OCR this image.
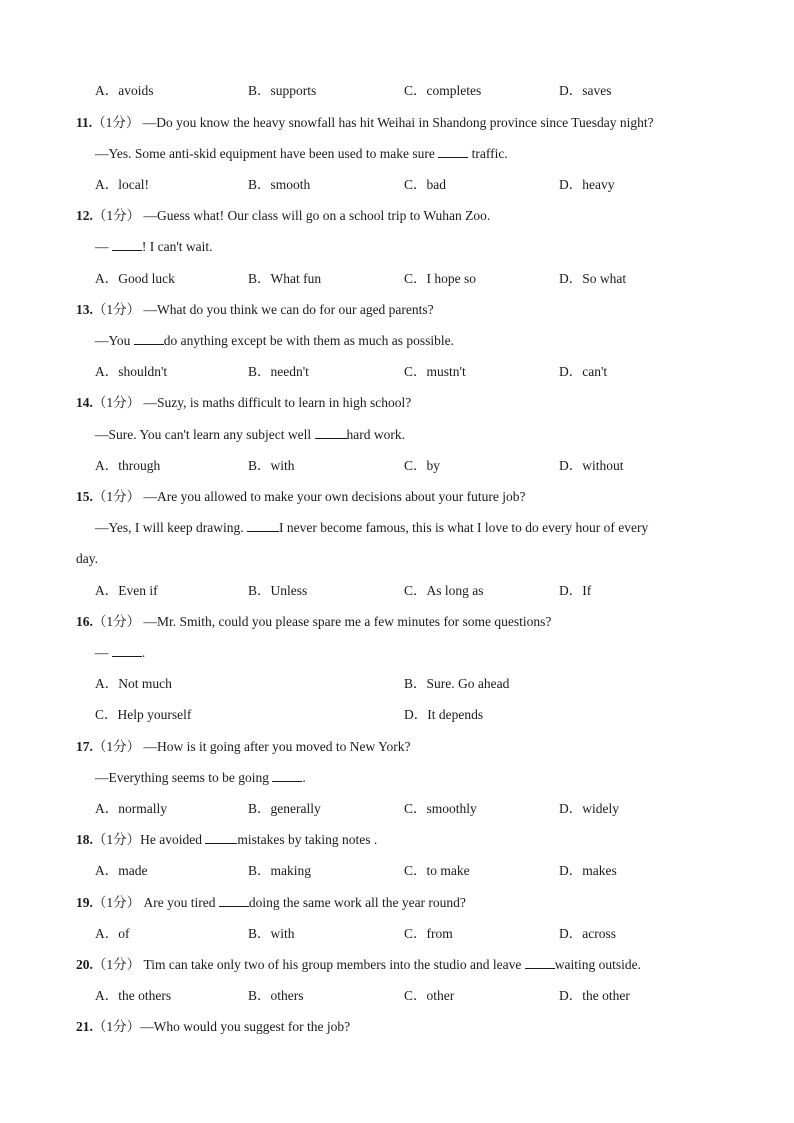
A．avoids	B．supports	C．completes	D．saves
11.（1分） —Do you know the heavy snowfall has hit Weihai in Shandong province since Tuesday night?
—Yes. Some anti-skid equipment have been used to make sure  traffic.
A．local!	B．smooth	C．bad	D．heavy
12.（1分） —Guess what! Our class will go on a school trip to Wuhan Zoo.
— ! I can't wait.
A．Good luck	B．What fun	C．I hope so	D．So what
13.（1分） —What do you think we can do for our aged parents?
—You do anything except be with them as much as possible.
A．shouldn't	B．needn't	C．mustn't	D．can't
14.（1分） —Suzy, is maths difficult to learn in high school?
—Sure. You can't learn any subject well hard work.
A．through	B．with	C．by	D．without
15.（1分） —Are you allowed to make your own decisions about your future job?
—Yes, I will keep drawing. I never become famous, this is what I love to do every hour of every
day.
A．Even if	B．Unless	C．As long as	D．If
16.（1分） —Mr. Smith, could you please spare me a few minutes for some questions?
— .
A．Not much	B．Sure. Go ahead
C．Help yourself	D．It depends
17.（1分） —How is it going after you moved to New York?
—Everything seems to be going .
A．normally	B．generally	C．smoothly	D．widely
18.（1分）He avoided mistakes by taking notes .
A．made	B．making	C．to make	D．makes
19.（1分） Are you tired doing the same work all the year round?
A．of	B．with	C．from	D．across
20.（1分） Tim can take only two of his group members into the studio and leave waiting outside.
A．the others	B．others	C．other	D．the other
21.（1分）—Who would you suggest for the job?
